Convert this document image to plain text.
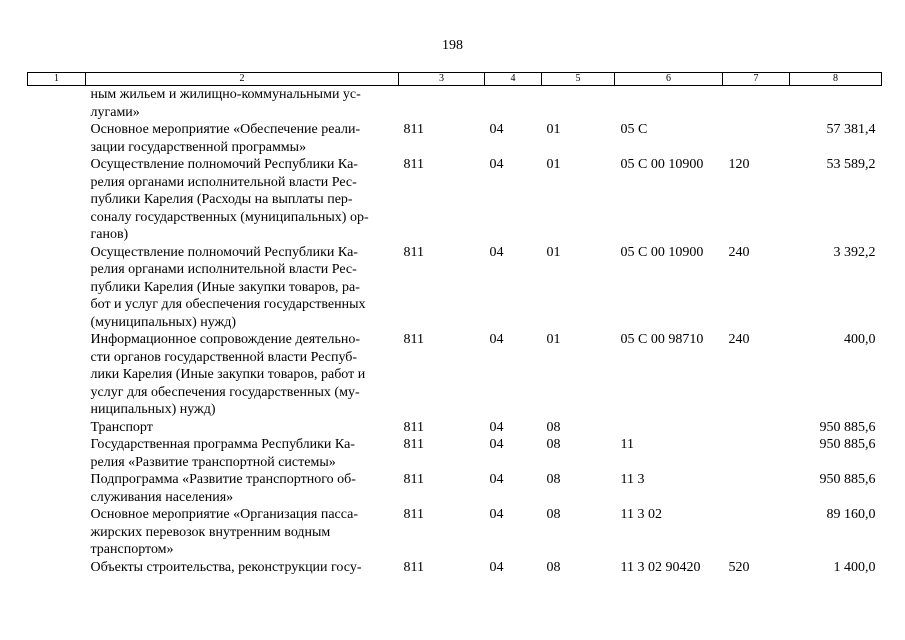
198
1	2	3	4	5	6	7	8
	ным жильем и жилищно-коммунальными ус-
лугами»						
	Основное мероприятие «Обеспечение реали-
зации государственной программы»	811	04	01	05 С		57 381,4
	Осуществление полномочий Республики Ка-
релия органами исполнительной власти Рес-
публики Карелия (Расходы на выплаты пер-
соналу государственных (муниципальных) ор-
ганов)	811	04	01	05 С 00 10900	120	53 589,2
	Осуществление полномочий Республики Ка-
релия органами исполнительной власти Рес-
публики Карелия (Иные закупки товаров, ра-
бот и услуг для обеспечения государственных
(муниципальных) нужд)	811	04	01	05 С 00 10900	240	3 392,2
	Информационное сопровождение деятельно-
сти органов государственной власти Респуб-
лики Карелия (Иные закупки товаров, работ и
услуг для обеспечения государственных (му-
ниципальных) нужд)	811	04	01	05 С 00 98710	240	400,0
	Транспорт	811	04	08			950 885,6
	Государственная программа Республики Ка-
релия «Развитие транспортной системы»	811	04	08	11		950 885,6
	Подпрограмма «Развитие транспортного об-
служивания населения»	811	04	08	11 3		950 885,6
	Основное мероприятие «Организация пасса-
жирских перевозок внутренним водным
транспортом»	811	04	08	11 3 02		89 160,0
	Объекты строительства, реконструкции госу-	811	04	08	11 3 02 90420	520	1 400,0
